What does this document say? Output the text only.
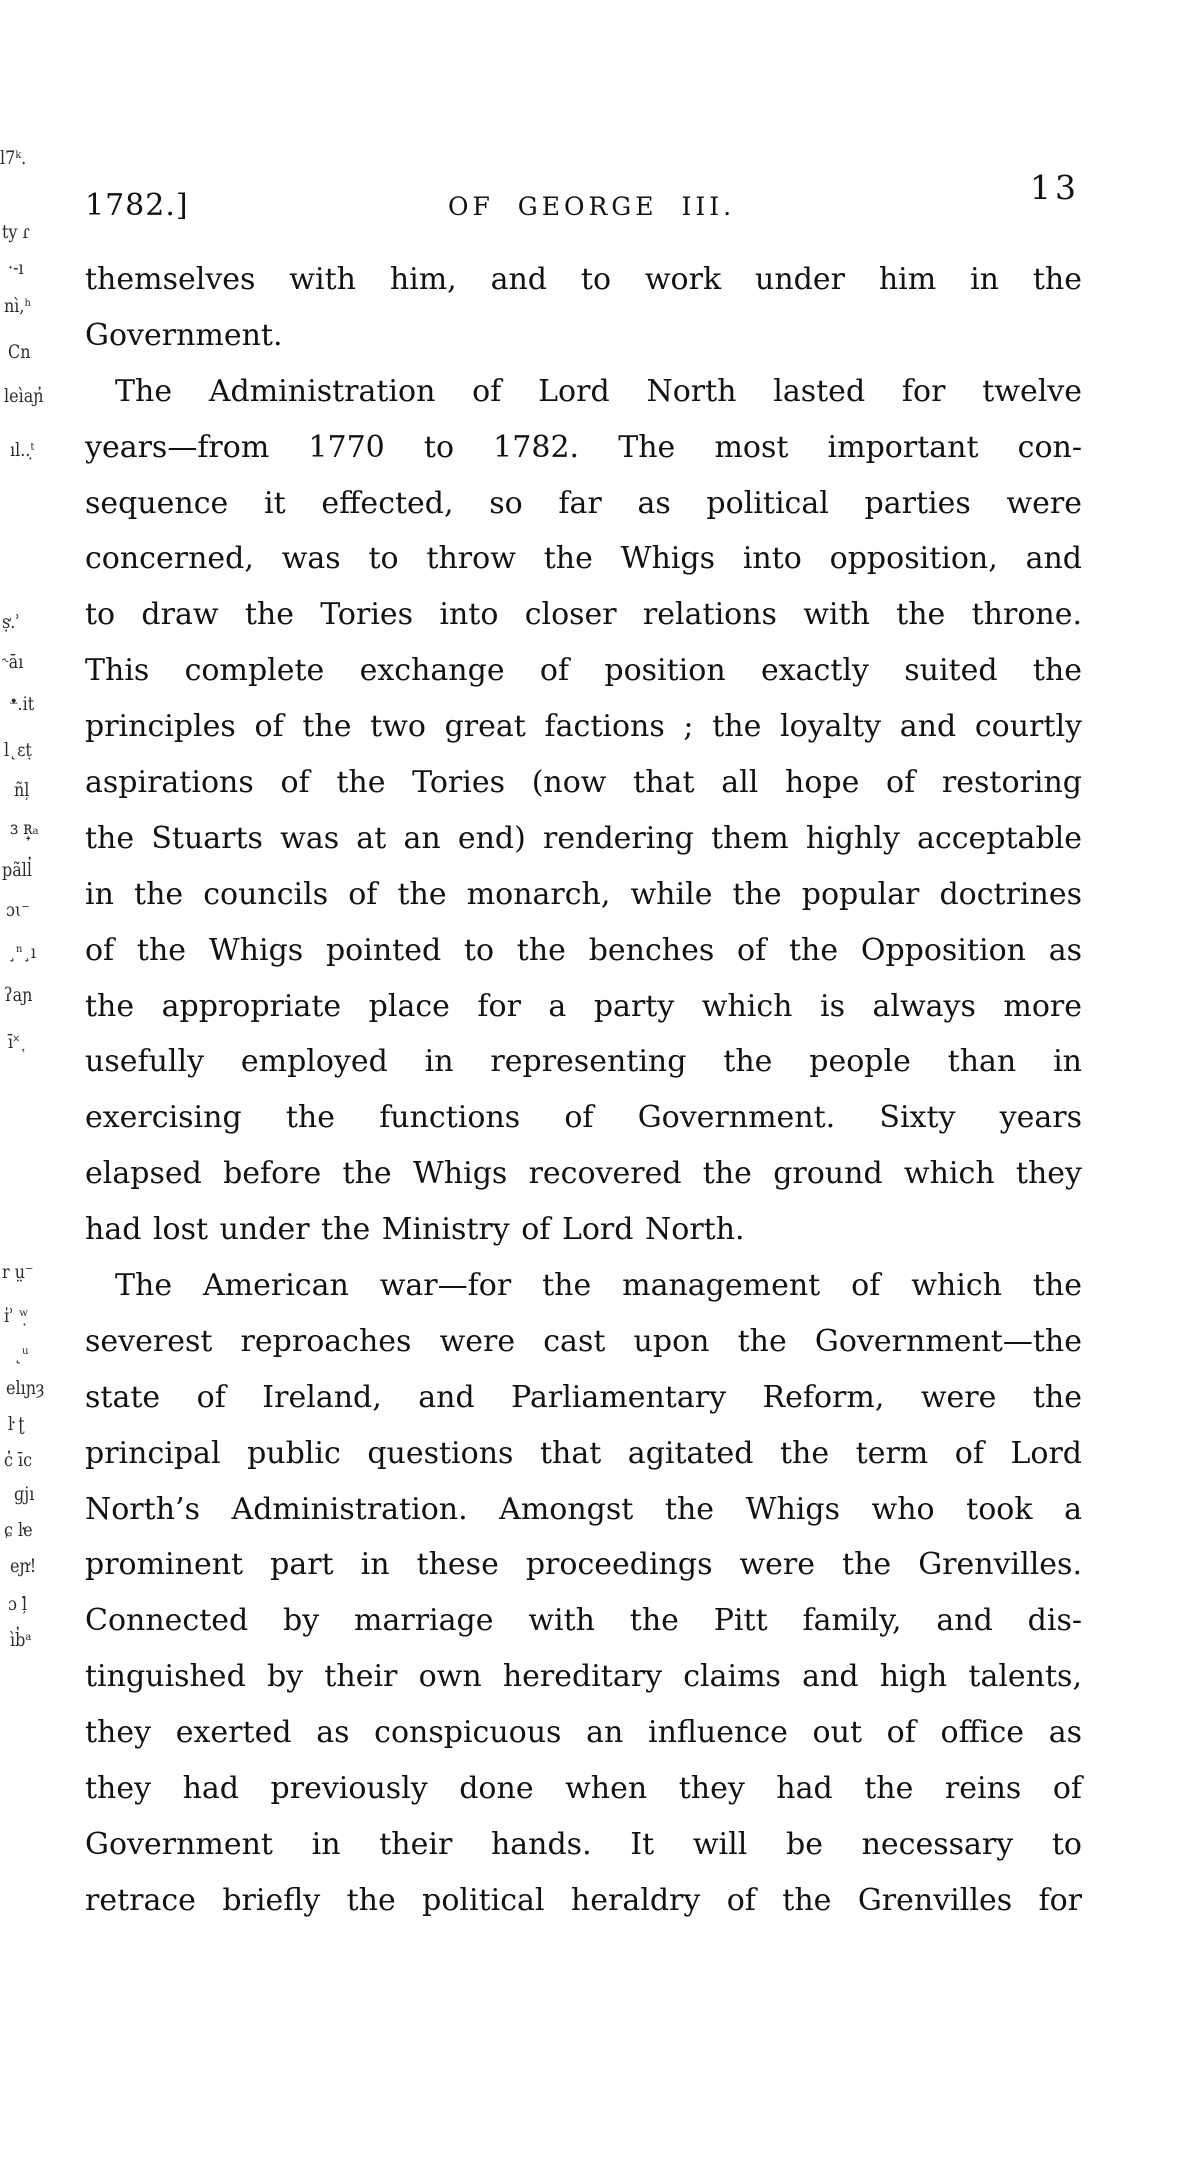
l7ᵏ.
ty ɾ
·‑ı
nì,ʰ
Cn
leìaɲ̓
ıl..ᵗ̣
ṣ̛.ʾ
˞āı
ᵜ.it
l˛ɛṭ
ñl̦
ɜ ʀ̟ₐ
pãll̓
ɔɩ⁻
¸ⁿ¸ı
ʔaɲ
ī˟ ͎
r ṳ⁻
ɪ̍ʾ ʷ̣
˛ᵘ
elıɲȝ
ŀ ʈ
c̓ īc
ɡjı
ɕ ŀe
eɲ̛!
ɔ ļ̇
ìb̓ᵃ
1782.]	OF GEORGE III.	13
themselves with him, and to work under him in the
Government.
The Administration of Lord North lasted for twelve
years—from 1770 to 1782. The most important con-
sequence it effected, so far as political parties were
concerned, was to throw the Whigs into opposition, and
to draw the Tories into closer relations with the throne.
This complete exchange of position exactly suited the
principles of the two great factions ; the loyalty and courtly
aspirations of the Tories (now that all hope of restoring
the Stuarts was at an end) rendering them highly acceptable
in the councils of the monarch, while the popular doctrines
of the Whigs pointed to the benches of the Opposition as
the appropriate place for a party which is always more
usefully employed in representing the people than in
exercising the functions of Government. Sixty years
elapsed before the Whigs recovered the ground which they
had lost under the Ministry of Lord North.
The American war—for the management of which the
severest reproaches were cast upon the Government—the
state of Ireland, and Parliamentary Reform, were the
principal public questions that agitated the term of Lord
North’s Administration. Amongst the Whigs who took a
prominent part in these proceedings were the Grenvilles.
Connected by marriage with the Pitt family, and dis-
tinguished by their own hereditary claims and high talents,
they exerted as conspicuous an influence out of office as
they had previously done when they had the reins of
Government in their hands. It will be necessary to
retrace briefly the political heraldry of the Grenvilles for
